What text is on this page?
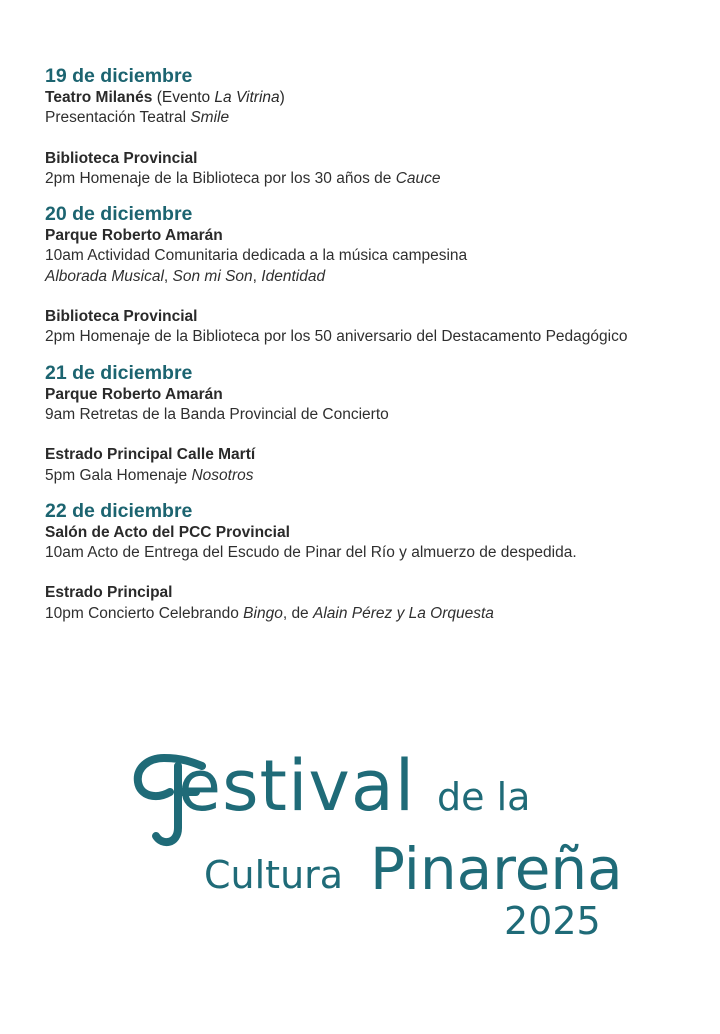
19 de diciembre
Teatro Milanés (Evento La Vitrina)
Presentación Teatral Smile
Biblioteca Provincial
2pm Homenaje de la Biblioteca por los 30 años de Cauce
20 de diciembre
Parque Roberto Amarán
10am Actividad Comunitaria dedicada a la música campesina
Alborada Musical, Son mi Son, Identidad
Biblioteca Provincial
2pm Homenaje de la Biblioteca por los 50 aniversario del Destacamento Pedagógico
21 de diciembre
Parque Roberto Amarán
9am Retretas de la Banda Provincial de Concierto
Estrado Principal Calle Martí
5pm Gala Homenaje Nosotros
22 de diciembre
Salón de Acto del PCC Provincial
10am Acto de Entrega del Escudo de Pinar del Río y almuerzo de despedida.
Estrado Principal
10pm Concierto Celebrando Bingo, de Alain Pérez y La Orquesta
estival de la
Cultura Pinareña
2025
